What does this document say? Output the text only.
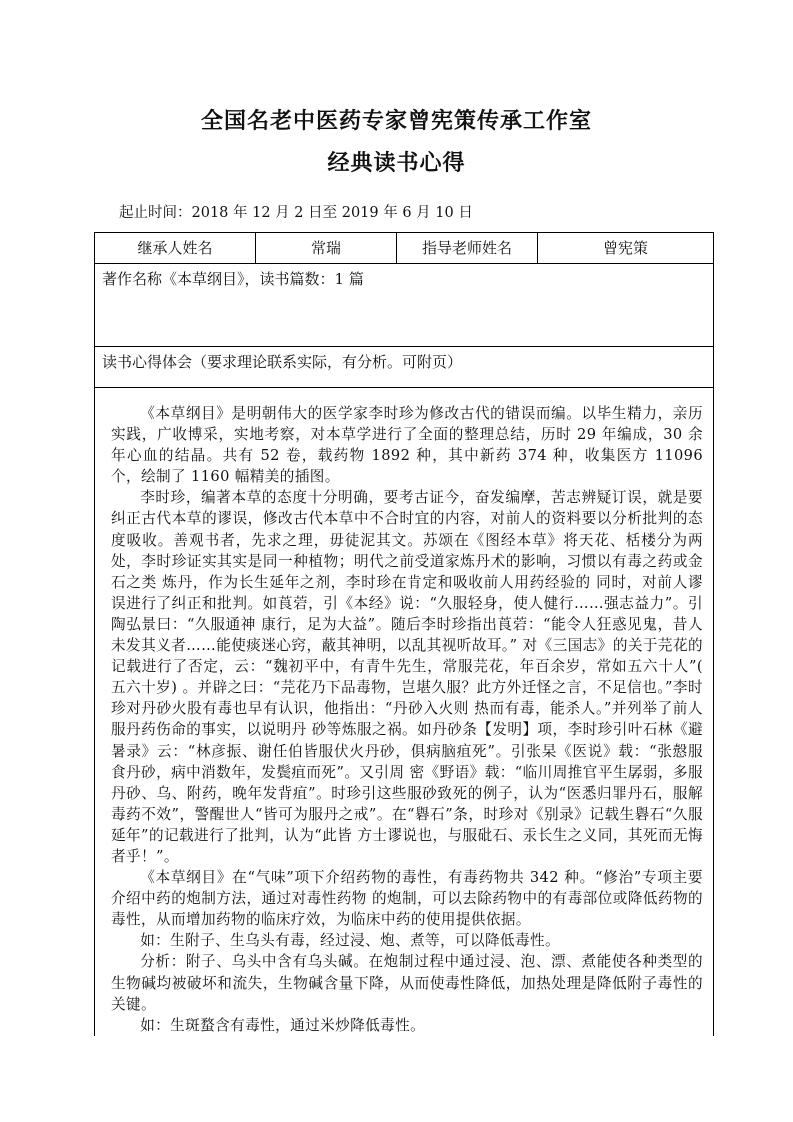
全国名老中医药专家曾宪策传承工作室
经典读书心得

起止时间：2018 年 12 月 2 日至 2019 年 6 月 10 日

继承人姓名	常瑞	指导老师姓名	曾宪策

著作名称《本草纲目》，读书篇数：1 篇

读书心得体会（要求理论联系实际，有分析。可附页）

《本草纲目》是明朝伟大的医学家李时珍为修改古代的错误而编。以毕生精力，亲历实践，广收博采，实地考察，对本草学进行了全面的整理总结，历时 29 年编成，30 余年心血的结晶。共有 52 卷，载药物 1892 种，其中新药 374 种，收集医方 11096 个，绘制了 1160 幅精美的插图。

李时珍，编著本草的态度十分明确，要考古证今，奋发编摩，苦志辨疑订误，就是要纠正古代本草的谬误，修改古代本草中不合时宜的内容，对前人的资料要以分析批判的态度吸收。善观书者，先求之理，毋徒泥其文。苏颂在《图经本草》将天花、栝楼分为两处，李时珍证实其实是同一种植物；明代之前受道家炼丹术的影响，习惯以有毒之药或金石之类 炼丹，作为长生延年之剂，李时珍在肯定和吸收前人用药经验的 同时，对前人谬误进行了纠正和批判。如莨菪，引《本经》说：“久服轻身，使人健行……强志益力”。引陶弘景曰：“久服通神 康行，足为大益”。随后李时珍指出莨菪：“能令人狂惑见鬼，昔人未发其义者……能使痰迷心窍，蔽其神明，以乱其视听故耳。” 对《三国志》的关于芫花的记载进行了否定，云：“魏初平中，有青牛先生，常服芫花，年百余岁，常如五六十人”( 五六十岁) 。并辟之曰：“芫花乃下品毒物，岂堪久服？此方外迁怪之言，不足信也。”李时珍对丹砂火股有毒也早有认识，他指出：“丹砂入火则 热而有毒，能杀人。”并列举了前人服丹药伤命的事实，以说明丹 砂等炼服之祸。如丹砂条【发明】项，李时珍引叶石林《避暑录》云：“林彦振、谢任伯皆服伏火丹砂，俱病脑疽死”。引张杲《医说》载：“张慤服食丹砂，病中消数年，发鬓疽而死”。又引周 密《野语》载：“临川周推官平生孱弱，多服丹砂、乌、附药，晚年发背疽”。时珍引这些服砂致死的例子，认为“医悉归罪丹石，服解 毒药不效”，警醒世人“皆可为服丹之戒”。在“礜石”条，时珍对《别录》记载生礜石“久服延年”的记载进行了批判，认为“此皆 方士谬说也，与服砒石、汞长生之义同，其死而无悔者乎！”。

《本草纲目》在“气味”项下介绍药物的毒性，有毒药物共 342 种。“修治”专项主要介绍中药的炮制方法，通过对毒性药物 的炮制，可以去除药物中的有毒部位或降低药物的毒性，从而增加药物的临床疗效，为临床中药的使用提供依据。

如：生附子、生乌头有毒，经过浸、炮、煮等，可以降低毒性。

分析：附子、乌头中含有乌头碱。在炮制过程中通过浸、泡、漂、煮能使各种类型的生物碱均被破坏和流失，生物碱含量下降，从而使毒性降低，加热处理是降低附子毒性的关键。

如：生斑蝥含有毒性，通过米炒降低毒性。
